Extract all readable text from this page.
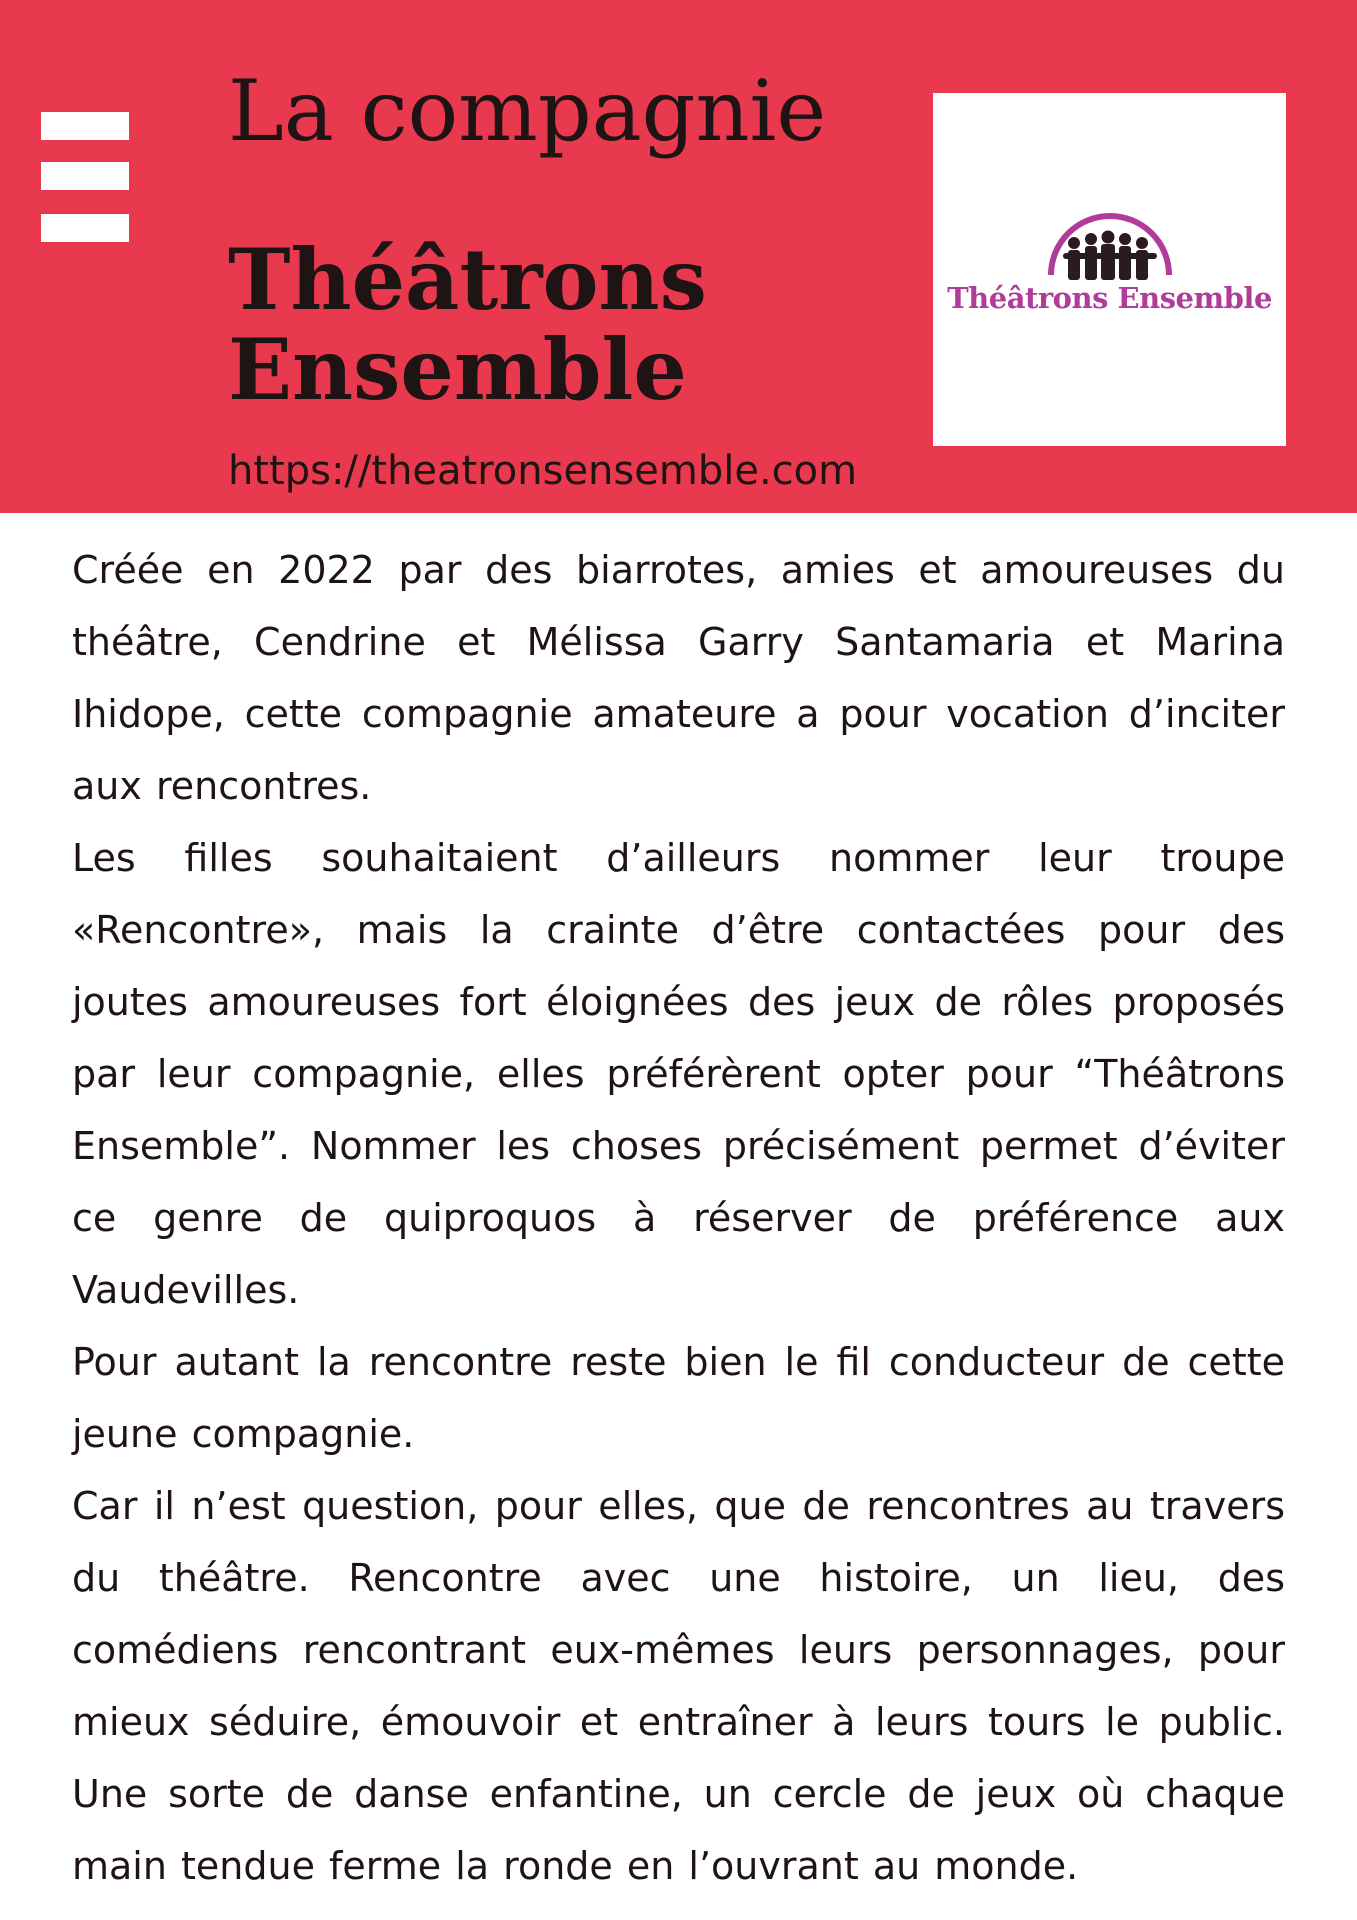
La compagnie
Théâtrons
Ensemble
https://theatronsensemble.com
Théâtrons Ensemble

Créée en 2022 par des biarrotes, amies et amoureuses du théâtre, Cendrine et Mélissa Garry Santamaria et Marina Ihidope, cette compagnie amateure a pour vocation d’inciter aux rencontres.

Les filles souhaitaient d’ailleurs nommer leur troupe «Rencontre», mais la crainte d’être contactées pour des joutes amoureuses fort éloignées des jeux de rôles proposés par leur compagnie, elles préférèrent opter pour “Théâtrons Ensemble”. Nommer les choses précisément permet d’éviter ce genre de quiproquos à réserver de préférence aux Vaudevilles.

Pour autant la rencontre reste bien le fil conducteur de cette jeune compagnie.

Car il n’est question, pour elles, que de rencontres au travers du théâtre. Rencontre avec une histoire, un lieu, des comédiens rencontrant eux-mêmes leurs personnages, pour mieux séduire, émouvoir et entraîner à leurs tours le public. Une sorte de danse enfantine, un cercle de jeux où chaque main tendue ferme la ronde en l’ouvrant au monde.
